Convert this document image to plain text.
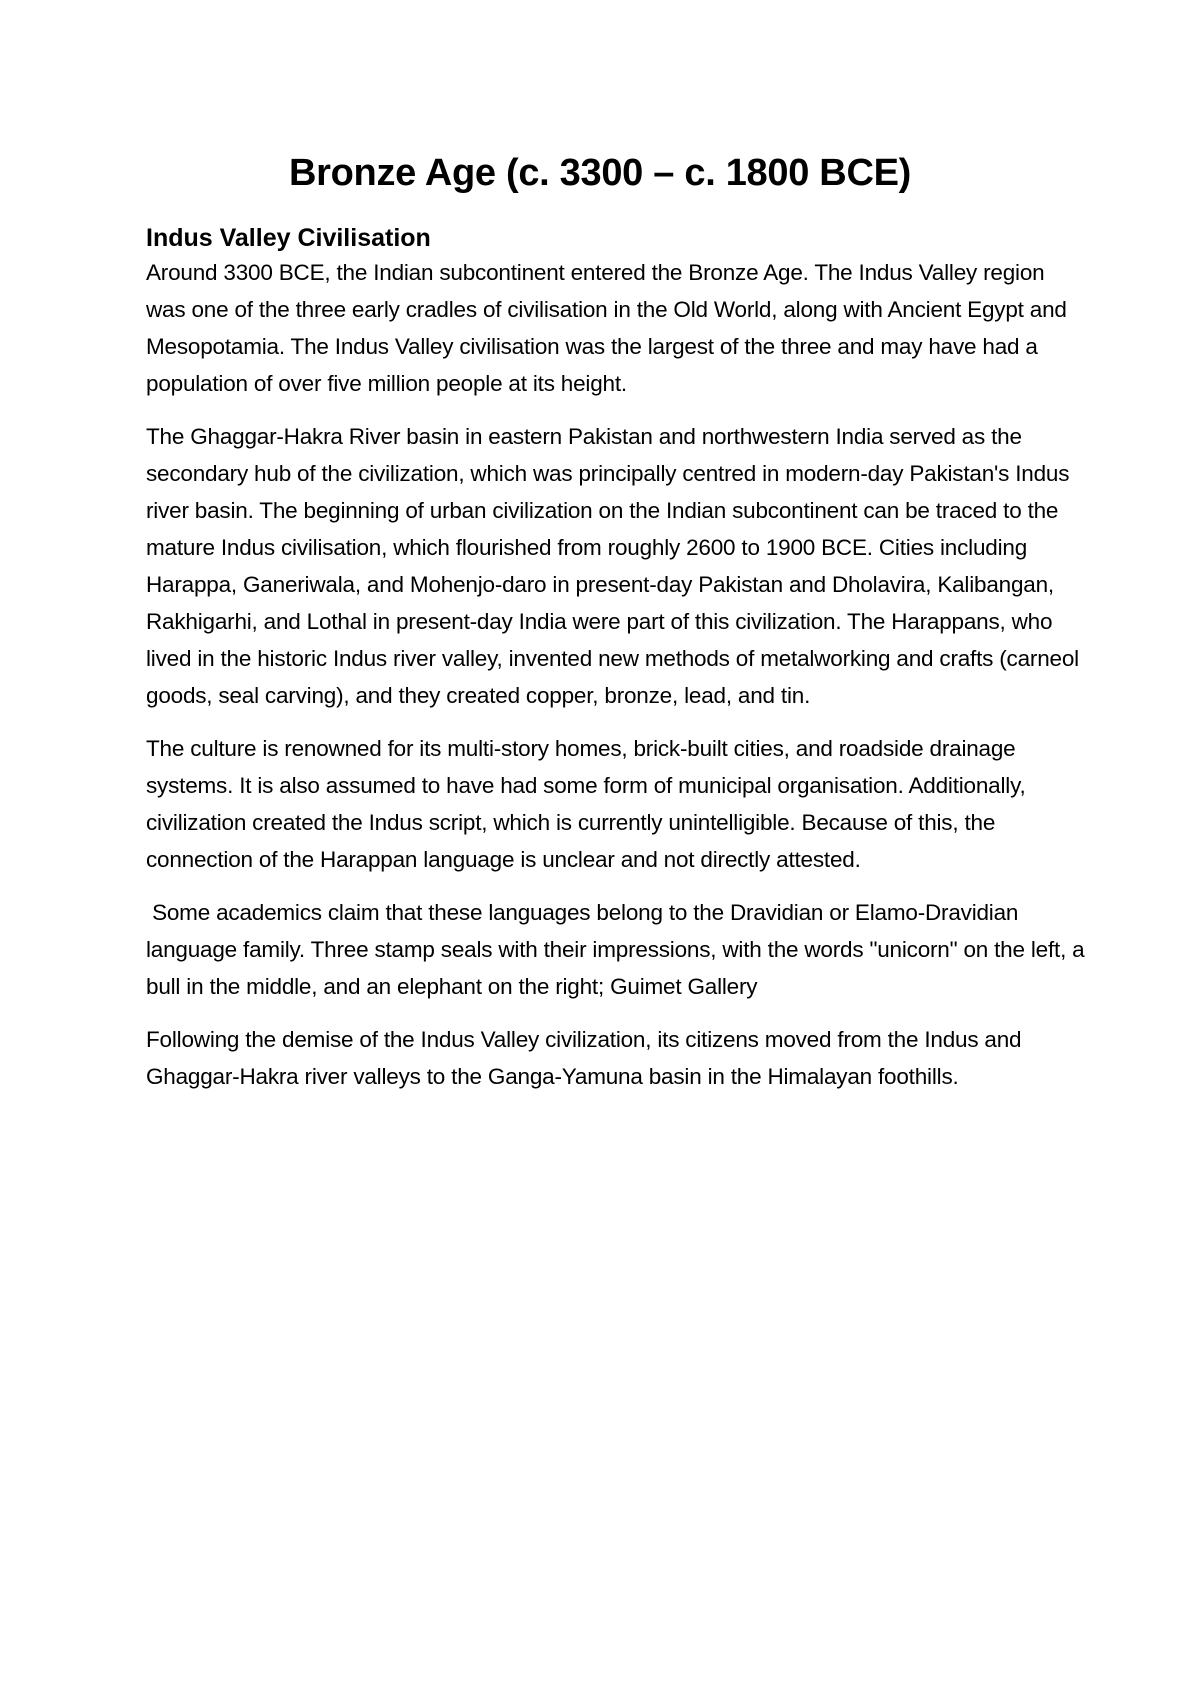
Bronze Age (c. 3300 – c. 1800 BCE)
Indus Valley Civilisation

Around 3300 BCE, the Indian subcontinent entered the Bronze Age. The Indus Valley region was one of the three early cradles of civilisation in the Old World, along with Ancient Egypt and Mesopotamia. The Indus Valley civilisation was the largest of the three and may have had a population of over five million people at its height.

The Ghaggar-Hakra River basin in eastern Pakistan and northwestern India served as the secondary hub of the civilization, which was principally centred in modern-day Pakistan's Indus river basin. The beginning of urban civilization on the Indian subcontinent can be traced to the mature Indus civilisation, which flourished from roughly 2600 to 1900 BCE. Cities including Harappa, Ganeriwala, and Mohenjo-daro in present-day Pakistan and Dholavira, Kalibangan, Rakhigarhi, and Lothal in present-day India were part of this civilization. The Harappans, who lived in the historic Indus river valley, invented new methods of metalworking and crafts (carneol goods, seal carving), and they created copper, bronze, lead, and tin.

The culture is renowned for its multi-story homes, brick-built cities, and roadside drainage systems. It is also assumed to have had some form of municipal organisation. Additionally, civilization created the Indus script, which is currently unintelligible. Because of this, the connection of the Harappan language is unclear and not directly attested.

Some academics claim that these languages belong to the Dravidian or Elamo-Dravidian language family. Three stamp seals with their impressions, with the words "unicorn" on the left, a bull in the middle, and an elephant on the right; Guimet Gallery

Following the demise of the Indus Valley civilization, its citizens moved from the Indus and Ghaggar-Hakra river valleys to the Ganga-Yamuna basin in the Himalayan foothills.
